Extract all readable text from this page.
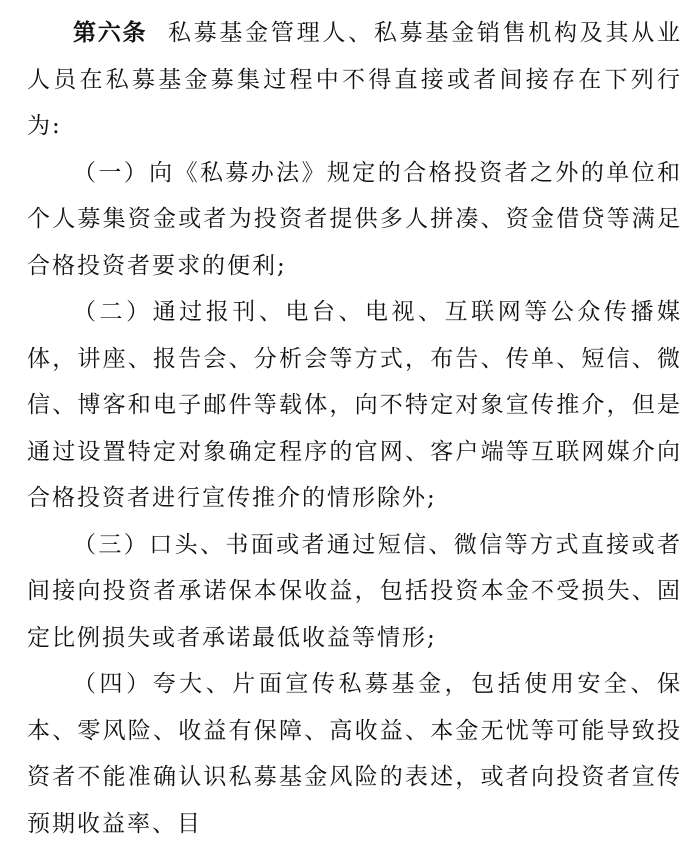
第六条 私募基金管理人、私募基金销售机构及其从业人员在私募基金募集过程中不得直接或者间接存在下列行为:

（一）向《私募办法》规定的合格投资者之外的单位和个人募集资金或者为投资者提供多人拼凑、资金借贷等满足合格投资者要求的便利;

（二）通过报刊、电台、电视、互联网等公众传播媒体，讲座、报告会、分析会等方式，布告、传单、短信、微信、博客和电子邮件等载体，向不特定对象宣传推介，但是通过设置特定对象确定程序的官网、客户端等互联网媒介向合格投资者进行宣传推介的情形除外;

（三）口头、书面或者通过短信、微信等方式直接或者间接向投资者承诺保本保收益，包括投资本金不受损失、固定比例损失或者承诺最低收益等情形;

（四）夸大、片面宣传私募基金，包括使用安全、保本、零风险、收益有保障、高收益、本金无忧等可能导致投资者不能准确认识私募基金风险的表述，或者向投资者宣传预期收益率、目
